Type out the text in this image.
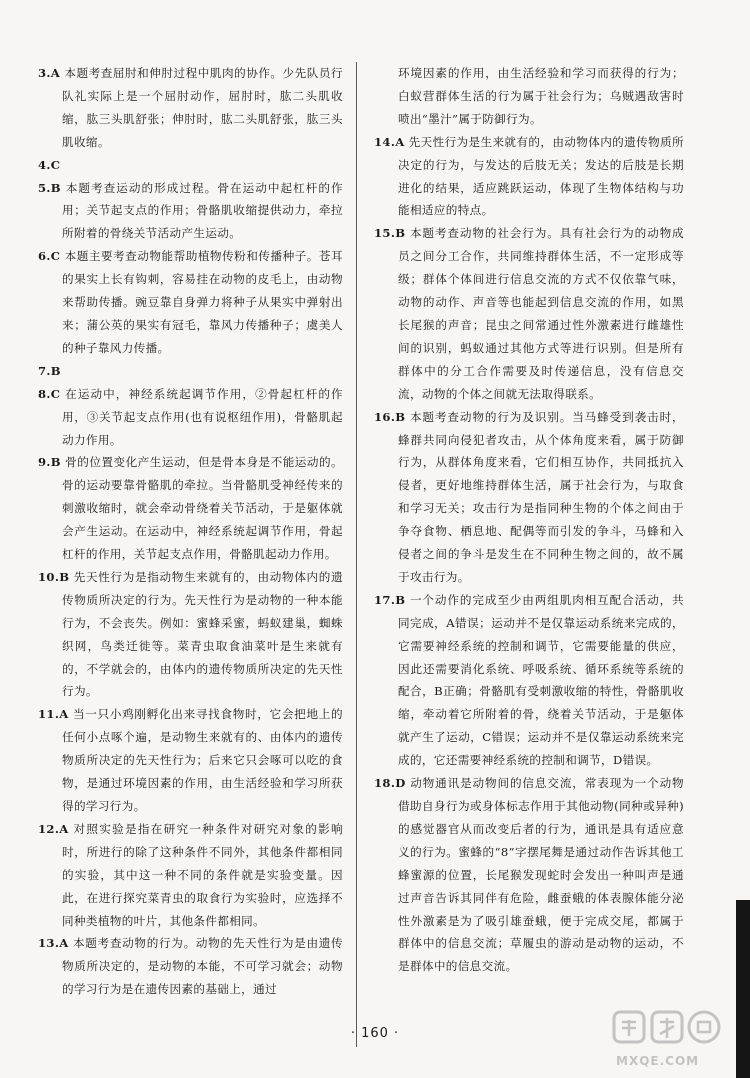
3.A 本题考查屈肘和伸肘过程中肌肉的协作。少先队员行队礼实际上是一个屈肘动作，屈肘时，肱二头肌收缩，肱三头肌舒张；伸肘时，肱二头肌舒张，肱三头肌收缩。

4.C

5.B 本题考查运动的形成过程。骨在运动中起杠杆的作用；关节起支点的作用；骨骼肌收缩提供动力，牵拉所附着的骨绕关节活动产生运动。

6.C 本题主要考查动物能帮助植物传粉和传播种子。苍耳的果实上长有钩刺，容易挂在动物的皮毛上，由动物来帮助传播。豌豆靠自身弹力将种子从果实中弹射出来；蒲公英的果实有冠毛，靠风力传播种子；虞美人的种子靠风力传播。

7.B

8.C 在运动中，神经系统起调节作用，②骨起杠杆的作用，③关节起支点作用(也有说枢纽作用)，骨骼肌起动力作用。

9.B 骨的位置变化产生运动，但是骨本身是不能运动的。骨的运动要靠骨骼肌的牵拉。当骨骼肌受神经传来的刺激收缩时，就会牵动骨绕着关节活动，于是躯体就会产生运动。在运动中，神经系统起调节作用，骨起杠杆的作用，关节起支点作用，骨骼肌起动力作用。

10.B 先天性行为是指动物生来就有的，由动物体内的遗传物质所决定的行为。先天性行为是动物的一种本能行为，不会丧失。例如：蜜蜂采蜜，蚂蚁建巢，蜘蛛织网，鸟类迁徙等。菜青虫取食油菜叶是生来就有的，不学就会的，由体内的遗传物质所决定的先天性行为。

11.A 当一只小鸡刚孵化出来寻找食物时，它会把地上的任何小点啄个遍，是动物生来就有的、由体内的遗传物质所决定的先天性行为；后来它只会啄可以吃的食物，是通过环境因素的作用，由生活经验和学习所获得的学习行为。

12.A 对照实验是指在研究一种条件对研究对象的影响时，所进行的除了这种条件不同外，其他条件都相同的实验，其中这一种不同的条件就是实验变量。因此，在进行探究菜青虫的取食行为实验时，应选择不同种类植物的叶片，其他条件都相同。

13.A 本题考查动物的行为。动物的先天性行为是由遗传物质所决定的，是动物的本能，不可学习就会；动物的学习行为是在遗传因素的基础上，通过

环境因素的作用，由生活经验和学习而获得的行为；白蚁营群体生活的行为属于社会行为；乌贼遇敌害时喷出“墨汁”属于防御行为。

14.A 先天性行为是生来就有的，由动物体内的遗传物质所决定的行为，与发达的后肢无关；发达的后肢是长期进化的结果，适应跳跃运动，体现了生物体结构与功能相适应的特点。

15.B 本题考查动物的社会行为。具有社会行为的动物成员之间分工合作，共同维持群体生活，不一定形成等级；群体个体间进行信息交流的方式不仅依靠气味，动物的动作、声音等也能起到信息交流的作用，如黑长尾猴的声音；昆虫之间常通过性外激素进行雌雄性间的识别，蚂蚁通过其他方式等进行识别。但是所有群体中的分工合作需要及时传递信息，没有信息交流，动物的个体之间就无法取得联系。

16.B 本题考查动物的行为及识别。当马蜂受到袭击时，蜂群共同向侵犯者攻击，从个体角度来看，属于防御行为，从群体角度来看，它们相互协作，共同抵抗入侵者，更好地维持群体生活，属于社会行为，与取食和学习无关；攻击行为是指同种生物的个体之间由于争夺食物、栖息地、配偶等而引发的争斗，马蜂和入侵者之间的争斗是发生在不同种生物之间的，故不属于攻击行为。

17.B 一个动作的完成至少由两组肌肉相互配合活动，共同完成，A错误；运动并不是仅靠运动系统来完成的，它需要神经系统的控制和调节，它需要能量的供应，因此还需要消化系统、呼吸系统、循环系统等系统的配合，B正确；骨骼肌有受刺激收缩的特性，骨骼肌收缩，牵动着它所附着的骨，绕着关节活动，于是躯体就产生了运动，C错误；运动并不是仅靠运动系统来完成的，它还需要神经系统的控制和调节，D错误。

18.D 动物通讯是动物间的信息交流，常表现为一个动物借助自身行为或身体标志作用于其他动物(同种或异种)的感觉器官从而改变后者的行为，通讯是具有适应意义的行为。蜜蜂的“8”字摆尾舞是通过动作告诉其他工蜂蜜源的位置，长尾猴发现蛇时会发出一种叫声是通过声音告诉其同伴有危险，雌蚕蛾的体表腺体能分泌性外激素是为了吸引雄蚕蛾，便于完成交尾，都属于群体中的信息交流；草履虫的游动是动物的运动，不是群体中的信息交流。

· 160 ·
MXQE.COM
